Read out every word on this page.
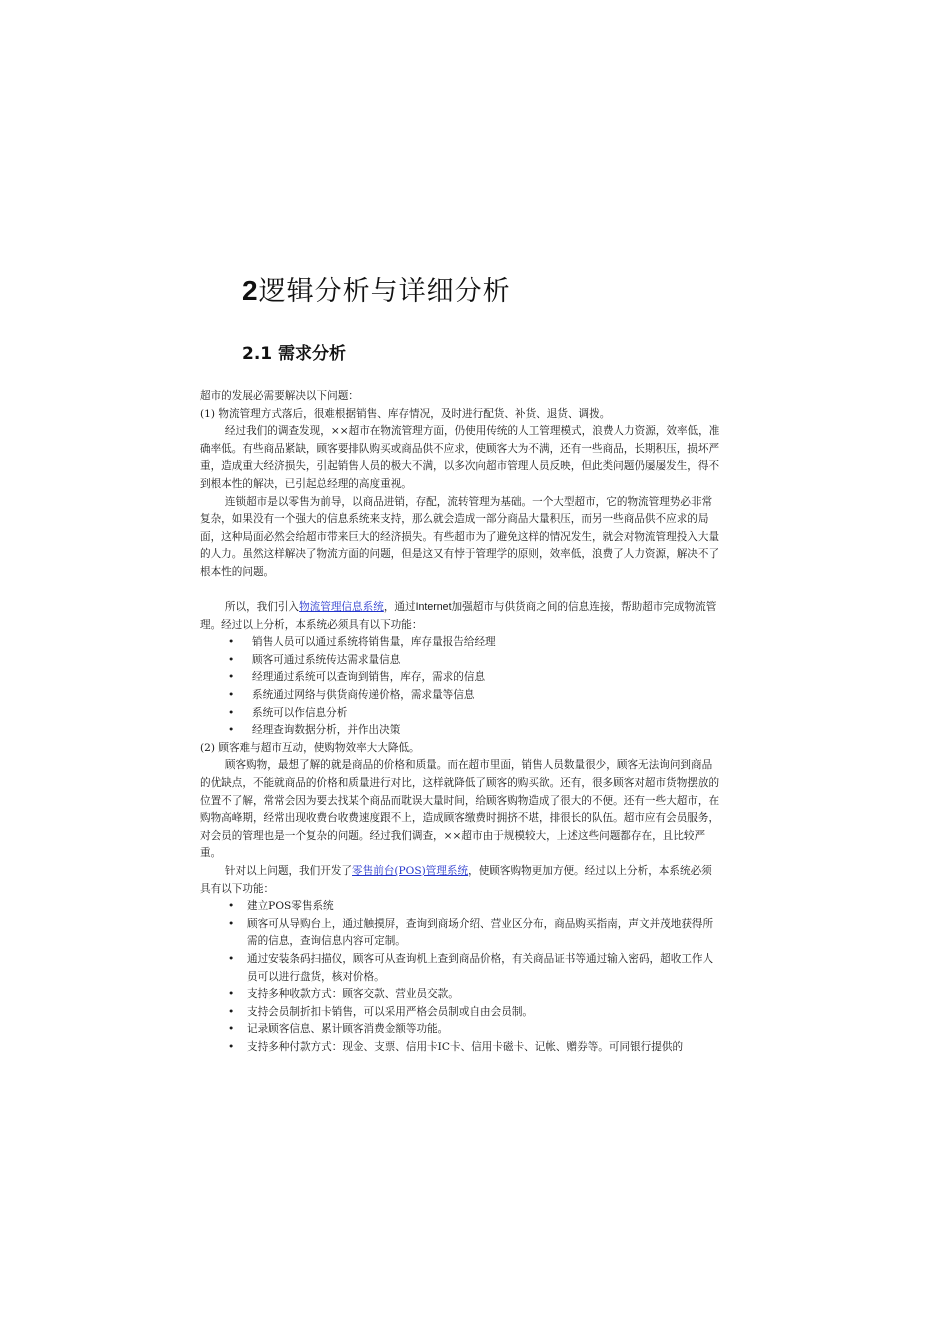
2逻辑分析与详细分析
2.1 需求分析

超市的发展必需要解决以下问题：

(1) 物流管理方式落后，很难根据销售、库存情况，及时进行配货、补货、退货、调拨。

经过我们的调查发现，××超市在物流管理方面，仍使用传统的人工管理模式，浪费人力资源，效率低，准确率低。有些商品紧缺，顾客要排队购买或商品供不应求，使顾客大为不满，还有一些商品，长期积压，损坏严重，造成重大经济损失，引起销售人员的极大不满，以多次向超市管理人员反映，但此类问题仍屡屡发生，得不到根本性的解决，已引起总经理的高度重视。

连锁超市是以零售为前导，以商品进销，存配，流转管理为基础。一个大型超市，它的物流管理势必非常复杂，如果没有一个强大的信息系统来支持，那么就会造成一部分商品大量积压，而另一些商品供不应求的局面，这种局面必然会给超市带来巨大的经济损失。有些超市为了避免这样的情况发生，就会对物流管理投入大量的人力。虽然这样解决了物流方面的问题，但是这又有悖于管理学的原则，效率低，浪费了人力资源，解决不了根本性的问题。

所以，我们引入物流管理信息系统，通过Internet加强超市与供货商之间的信息连接，帮助超市完成物流管理。经过以上分析，本系统必须具有以下功能：

• 销售人员可以通过系统将销售量，库存量报告给经理
• 顾客可通过系统传达需求量信息
• 经理通过系统可以查询到销售，库存，需求的信息
• 系统通过网络与供货商传递价格，需求量等信息
• 系统可以作信息分析
• 经理查询数据分析，并作出决策

(2) 顾客难与超市互动，使购物效率大大降低。

顾客购物，最想了解的就是商品的价格和质量。而在超市里面，销售人员数量很少，顾客无法询问到商品的优缺点，不能就商品的价格和质量进行对比，这样就降低了顾客的购买欲。还有，很多顾客对超市货物摆放的位置不了解，常常会因为要去找某个商品而耽误大量时间，给顾客购物造成了很大的不便。还有一些大超市，在购物高峰期，经常出现收费台收费速度跟不上，造成顾客缴费时拥挤不堪，排很长的队伍。超市应有会员服务，对会员的管理也是一个复杂的问题。经过我们调查，××超市由于规模较大，上述这些问题都存在，且比较严重。

针对以上问题，我们开发了零售前台(POS)管理系统，使顾客购物更加方便。经过以上分析，本系统必须具有以下功能：

• 建立POS零售系统
• 顾客可从导购台上，通过触摸屏，查询到商场介绍、营业区分布，商品购买指南，声文并茂地获得所需的信息，查询信息内容可定制。
• 通过安装条码扫描仪，顾客可从查询机上查到商品价格，有关商品证书等通过输入密码，超收工作人员可以进行盘货，核对价格。
• 支持多种收款方式：顾客交款、营业员交款。
• 支持会员制折扣卡销售，可以采用严格会员制或自由会员制。
• 记录顾客信息、累计顾客消费金额等功能。
• 支持多种付款方式：现金、支票、信用卡IC卡、信用卡磁卡、记帐、赠券等。可同银行提供的
